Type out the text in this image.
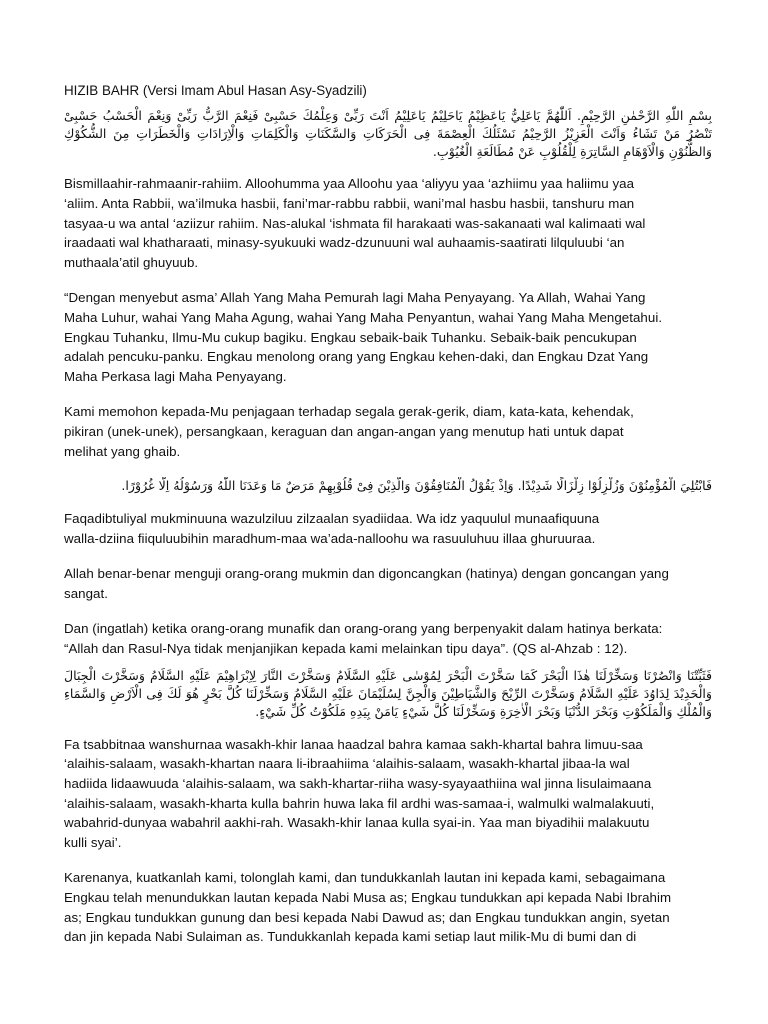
HIZIB BAHR (Versi Imam Abul Hasan Asy-Syadzili)
بِسْمِ اللّٰهِ الرَّحْمٰنِ الرَّحِيْمِ. اَللّٰهُمَّ يَاعَلِيُّ يَاعَظِيْمُ يَاحَلِيْمُ يَاعَلِيْمُ اَنْتَ رَبِّىْ وَعِلْمُكَ حَسْبِىْ فَنِعْمَ الرَّبُّ رَبِّىْ وَنِعْمَ الْحَسْبُ حَسْبِىْ تَنْصُرُ مَنْ تَشَاءُ وَاَنْتَ الْعَزِيْزُ الرَّحِيْمُ نَسْئَلُكَ الْعِصْمَةَ فِى الْحَرَكَاتِ وَالسَّكَنَاتِ وَالْكَلِمَاتِ وَالْاِرَادَاتِ وَالْخَطَرَاتِ مِنَ الشُّكُوْكِ وَالظُّنُوْنِ وَالْاَوْهَامِ السَّاتِرَةِ لِلْقُلُوْبِ عَنْ مُطَالَعَةِ الْغُيُوْبِ.
Bismillaahir-rahmaanir-rahiim. Alloohumma yaa Alloohu yaa ‘aliyyu yaa ‘azhiimu yaa haliimu yaa
‘aliim. Anta Rabbii, wa’ilmuka hasbii, fani’mar-rabbu rabbii, wani’mal hasbu hasbii, tanshuru man
tasyaa-u wa antal ‘aziizur rahiim. Nas-alukal ‘ishmata fil harakaati was-sakanaati wal kalimaati wal
iraadaati wal khatharaati, minasy-syukuuki wadz-dzunuuni wal auhaamis-saatirati lilquluubi ‘an
muthaala’atil ghuyuub.
“Dengan menyebut asma’ Allah Yang Maha Pemurah lagi Maha Penyayang. Ya Allah, Wahai Yang
Maha Luhur, wahai Yang Maha Agung, wahai Yang Maha Penyantun, wahai Yang Maha Mengetahui.
Engkau Tuhanku, Ilmu-Mu cukup bagiku. Engkau sebaik-baik Tuhanku. Sebaik-baik pencukupan
adalah pencuku-panku. Engkau menolong orang yang Engkau kehen-daki, dan Engkau Dzat Yang
Maha Perkasa lagi Maha Penyayang.
Kami memohon kepada-Mu penjagaan terhadap segala gerak-gerik, diam, kata-kata, kehendak,
pikiran (unek-unek), persangkaan, keraguan dan angan-angan yang menutup hati untuk dapat
melihat yang ghaib.
فَابْتُلِيَ الْمُؤْمِنُوْنَ وَزُلْزِلُوْا زِلْزَالًا شَدِيْدًا. وَاِذْ يَقُوْلُ الْمُنَافِقُوْنَ وَالَّذِيْنَ فِىْ قُلُوْبِهِمْ مَرَضٌ مَا وَعَدَنَا اللّٰهُ وَرَسُوْلُهُ اِلَّا غُرُوْرًا.
Faqadibtuliyal mukminuuna wazulziluu zilzaalan syadiidaa. Wa idz yaquulul munaafiquuna
walla-dziina fiiquluubihin maradhum-maa wa’ada-nalloohu wa rasuuluhuu illaa ghuruuraa.
Allah benar-benar menguji orang-orang mukmin dan digoncangkan (hatinya) dengan goncangan yang
sangat.
Dan (ingatlah) ketika orang-orang munafik dan orang-orang yang berpenyakit dalam hatinya berkata:
“Allah dan Rasul-Nya tidak menjanjikan kepada kami melainkan tipu daya”. (QS al-Ahzab : 12).
فَثَبِّتْنَا وَانْصُرْنَا وَسَخِّرْلَنَا هٰذَا الْبَحْرَ كَمَا سَخَّرْتَ الْبَحْرَ لِمُوْسٰى عَلَيْهِ السَّلَامُ وَسَخَّرْتَ النَّارَ لِاِبْرَاهِيْمَ عَلَيْهِ السَّلَامُ وَسَخَّرْتَ الْجِبَالَ وَالْحَدِيْدَ لِدَاوُدَ عَلَيْهِ السَّلَامُ وَسَخَّرْتَ الرِّيْحَ وَالشَّيَاطِيْنَ وَالْجِنَّ لِسُلَيْمَانَ عَلَيْهِ السَّلَامُ وَسَخِّرْلَنَا كُلَّ بَحْرٍ هُوَ لَكَ فِى الْاَرْضِ وَالسَّمَاءِ وَالْمُلْكِ وَالْمَلَكُوْتِ وَبَحْرَ الدُّنْيَا وَبَحْرَ الْاٰخِرَةِ وَسَخِّرْلَنَا كُلَّ شَيْءٍ يَامَنْ بِيَدِهِ مَلَكُوْتُ كُلِّ شَيْءٍ.
Fa tsabbitnaa wanshurnaa wasakh-khir lanaa haadzal bahra kamaa sakh-khartal bahra limuu-saa
‘alaihis-salaam, wasakh-khartan naara li-ibraahiima ‘alaihis-salaam, wasakh-khartal jibaa-la wal
hadiida lidaawuuda ‘alaihis-salaam, wa sakh-khartar-riiha wasy-syayaathiina wal jinna lisulaimaana
‘alaihis-salaam, wasakh-kharta kulla bahrin huwa laka fil ardhi was-samaa-i, walmulki walmalakuuti,
wabahrid-dunyaa wabahril aakhi-rah. Wasakh-khir lanaa kulla syai-in. Yaa man biyadihii malakuutu
kulli syai’.
Karenanya, kuatkanlah kami, tolonglah kami, dan tundukkanlah lautan ini kepada kami, sebagaimana
Engkau telah menundukkan lautan kepada Nabi Musa as; Engkau tundukkan api kepada Nabi Ibrahim
as; Engkau tundukkan gunung dan besi kepada Nabi Dawud as; dan Engkau tundukkan angin, syetan
dan jin kepada Nabi Sulaiman as. Tundukkanlah kepada kami setiap laut milik-Mu di bumi dan di
